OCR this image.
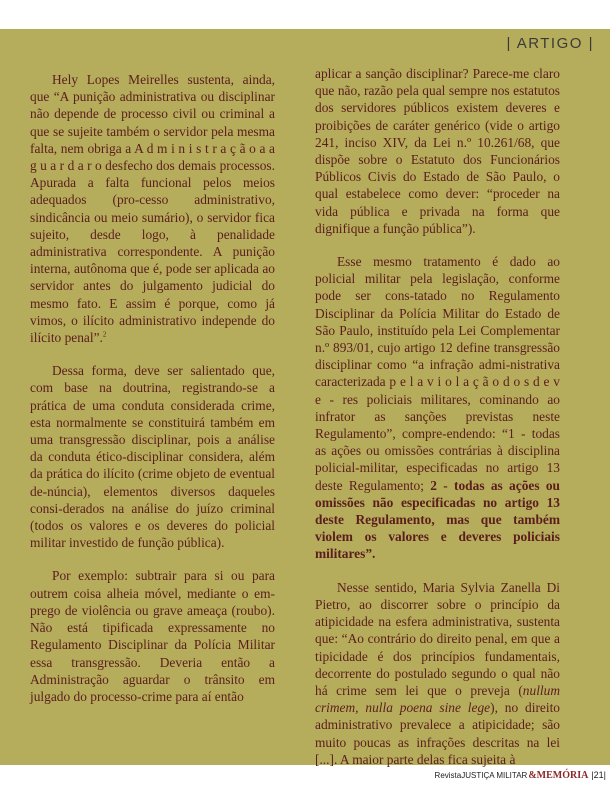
| ARTIGO |

Hely Lopes Meirelles sustenta, ainda, que “A punição administrativa ou disciplinar não depende de processo civil ou criminal a que se sujeite também o servidor pela mesma falta, nem obriga a A d m i n i s t r a ç ã o a a g u a r d a r o desfecho dos demais processos. Apurada a falta funcional pelos meios adequados (pro-cesso administrativo, sindicância ou meio sumário), o servidor fica sujeito, desde logo, à penalidade administrativa correspondente. A punição interna, autônoma que é, pode ser aplicada ao servidor antes do julgamento judicial do mesmo fato. E assim é porque, como já vimos, o ilícito administrativo independe do ilícito penal”.$^2$

Dessa forma, deve ser salientado que, com base na doutrina, registrando-se a prática de uma conduta considerada crime, esta normalmente se constituirá também em uma transgressão disciplinar, pois a análise da conduta ético-disciplinar considera, além da prática do ilícito (crime objeto de eventual de-núncia), elementos diversos daqueles consi-derados na análise do juízo criminal (todos os valores e os deveres do policial militar investido de função pública).

Por exemplo: subtrair para si ou para outrem coisa alheia móvel, mediante o em-prego de violência ou grave ameaça (roubo). Não está tipificada expressamente no Regulamento Disciplinar da Polícia Militar essa transgressão. Deveria então a Administração aguardar o trânsito em julgado do processo-crime para aí então

aplicar a sanção disciplinar? Parece-me claro que não, razão pela qual sempre nos estatutos dos servidores públicos existem deveres e proibições de caráter genérico (vide o artigo 241, inciso XIV, da Lei n.º 10.261/68, que dispõe sobre o Estatuto dos Funcionários Públicos Civis do Estado de São Paulo, o qual estabelece como dever: “proceder na vida pública e privada na forma que dignifique a função pública”).

Esse mesmo tratamento é dado ao policial militar pela legislação, conforme pode ser cons-tatado no Regulamento Disciplinar da Polícia Militar do Estado de São Paulo, instituído pela Lei Complementar n.º 893/01, cujo artigo 12 define transgressão disciplinar como “a infração admi-nistrativa caracterizada p e l a v i o l a ç ã o d o s d e v e - res policiais militares, cominando ao infrator as sanções previstas neste Regulamento”, compre-endendo: “1 - todas as ações ou omissões contrárias à disciplina policial-militar, especificadas no artigo 13 deste Regulamento; 2 - todas as ações ou omissões não especificadas no artigo 13 deste Regulamento, mas que também violem os valores e deveres policiais militares”.

Nesse sentido, Maria Sylvia Zanella Di Pietro, ao discorrer sobre o princípio da atipicidade na esfera administrativa, sustenta que: “Ao contrário do direito penal, em que a tipicidade é dos princípios fundamentais, decorrente do postulado segundo o qual não há crime sem lei que o preveja (nullum crimem, nulla poena sine lege), no direito administrativo prevalece a atipicidade; são muito poucas as infrações descritas na lei [...]. A maior parte delas fica sujeita à

RevistaJUSTIÇA MILITAR &MEMÓRIA |21|
